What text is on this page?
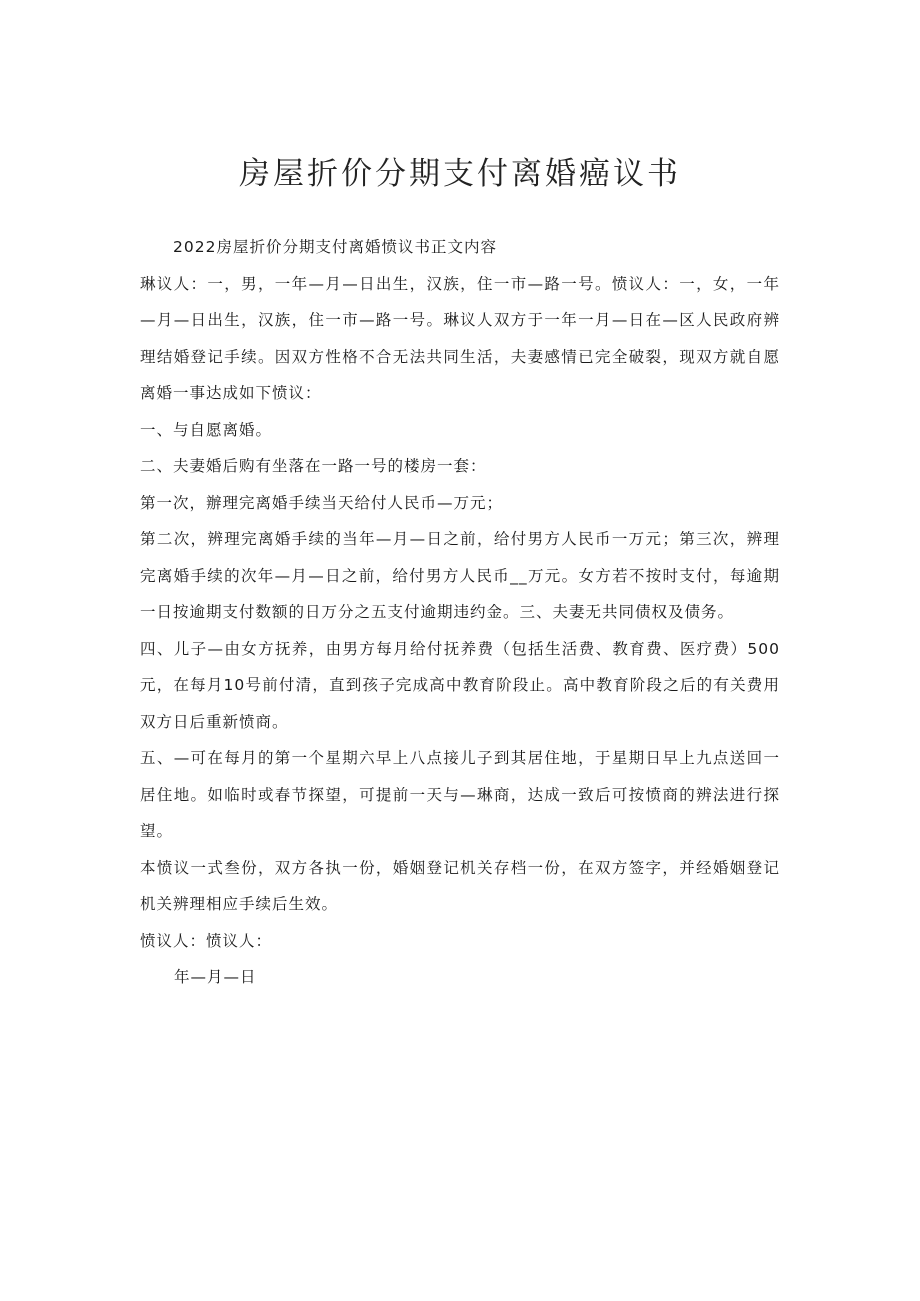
房屋折价分期支付离婚癌议书

2022房屋折价分期支付离婚愤议书正文内容

琳议人：一，男，一年—月—日出生，汉族，住一市—路一号。愤议人：一，女，一年—月—日出生，汉族，住一市—路一号。琳议人双方于一年一月—日在—区人民政府辨理结婚登记手续。因双方性格不合无法共同生活，夫妻感情已完全破裂，现双方就自愿离婚一事达成如下愤议：

一、与自愿离婚。

二、夫妻婚后购有坐落在一路一号的楼房一套：

第一次，辦理完离婚手续当天给付人民币—万元；

第二次，辨理完离婚手续的当年—月—日之前，给付男方人民币一万元；第三次，辨理完离婚手续的次年—月—日之前，给付男方人民币__万元。女方若不按时支付，每逾期一日按逾期支付数额的日万分之五支付逾期违约金。三、夫妻无共同债权及债务。

四、儿子—由女方抚养，由男方每月给付抚养费（包括生活费、教育费、医疗费）500元，在每月10号前付清，直到孩子完成高中教育阶段止。高中教育阶段之后的有关费用双方日后重新愤商。

五、—可在每月的第一个星期六早上八点接儿子到其居住地，于星期日早上九点送回一居住地。如临时或春节探望，可提前一天与—琳商，达成一致后可按愤商的辨法进行探望。

本愤议一式叁份，双方各执一份，婚姻登记机关存档一份，在双方签字，并经婚姻登记机关辨理相应手续后生效。

愤议人：愤议人：

年—月—日
